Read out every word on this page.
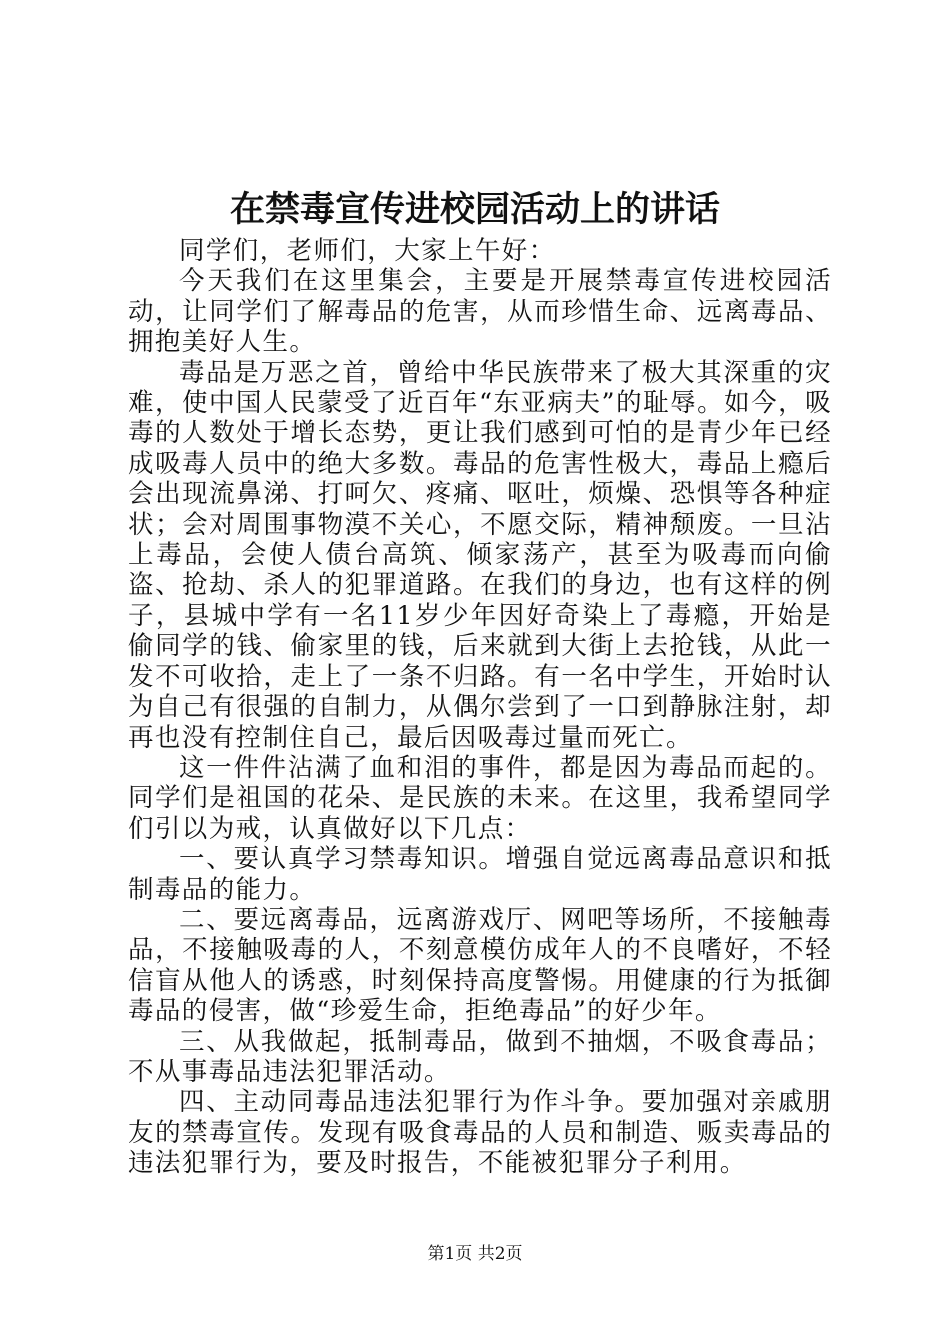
在禁毒宣传进校园活动上的讲话

同学们，老师们，大家上午好：

今天我们在这里集会，主要是开展禁毒宣传进校园活动，让同学们了解毒品的危害，从而珍惜生命、远离毒品、拥抱美好人生。

毒品是万恶之首，曾给中华民族带来了极大其深重的灾难，使中国人民蒙受了近百年“东亚病夫”的耻辱。如今，吸毒的人数处于增长态势，更让我们感到可怕的是青少年已经成吸毒人员中的绝大多数。毒品的危害性极大，毒品上瘾后会出现流鼻涕、打呵欠、疼痛、呕吐，烦燥、恐惧等各种症状；会对周围事物漠不关心，不愿交际，精神颓废。一旦沾上毒品，会使人债台高筑、倾家荡产，甚至为吸毒而向偷盗、抢劫、杀人的犯罪道路。在我们的身边，也有这样的例子，县城中学有一名11岁少年因好奇染上了毒瘾，开始是偷同学的钱、偷家里的钱，后来就到大街上去抢钱，从此一发不可收拾，走上了一条不归路。有一名中学生，开始时认为自己有很强的自制力，从偶尔尝到了一口到静脉注射，却再也没有控制住自己，最后因吸毒过量而死亡。

这一件件沾满了血和泪的事件，都是因为毒品而起的。同学们是祖国的花朵、是民族的未来。在这里，我希望同学们引以为戒，认真做好以下几点：

一、要认真学习禁毒知识。增强自觉远离毒品意识和抵制毒品的能力。

二、要远离毒品，远离游戏厅、网吧等场所，不接触毒品，不接触吸毒的人，不刻意模仿成年人的不良嗜好，不轻信盲从他人的诱惑，时刻保持高度警惕。用健康的行为抵御毒品的侵害，做“珍爱生命，拒绝毒品”的好少年。

三、从我做起，抵制毒品，做到不抽烟，不吸食毒品；不从事毒品违法犯罪活动。

四、主动同毒品违法犯罪行为作斗争。要加强对亲戚朋友的禁毒宣传。发现有吸食毒品的人员和制造、贩卖毒品的违法犯罪行为，要及时报告，不能被犯罪分子利用。

第1页 共2页
